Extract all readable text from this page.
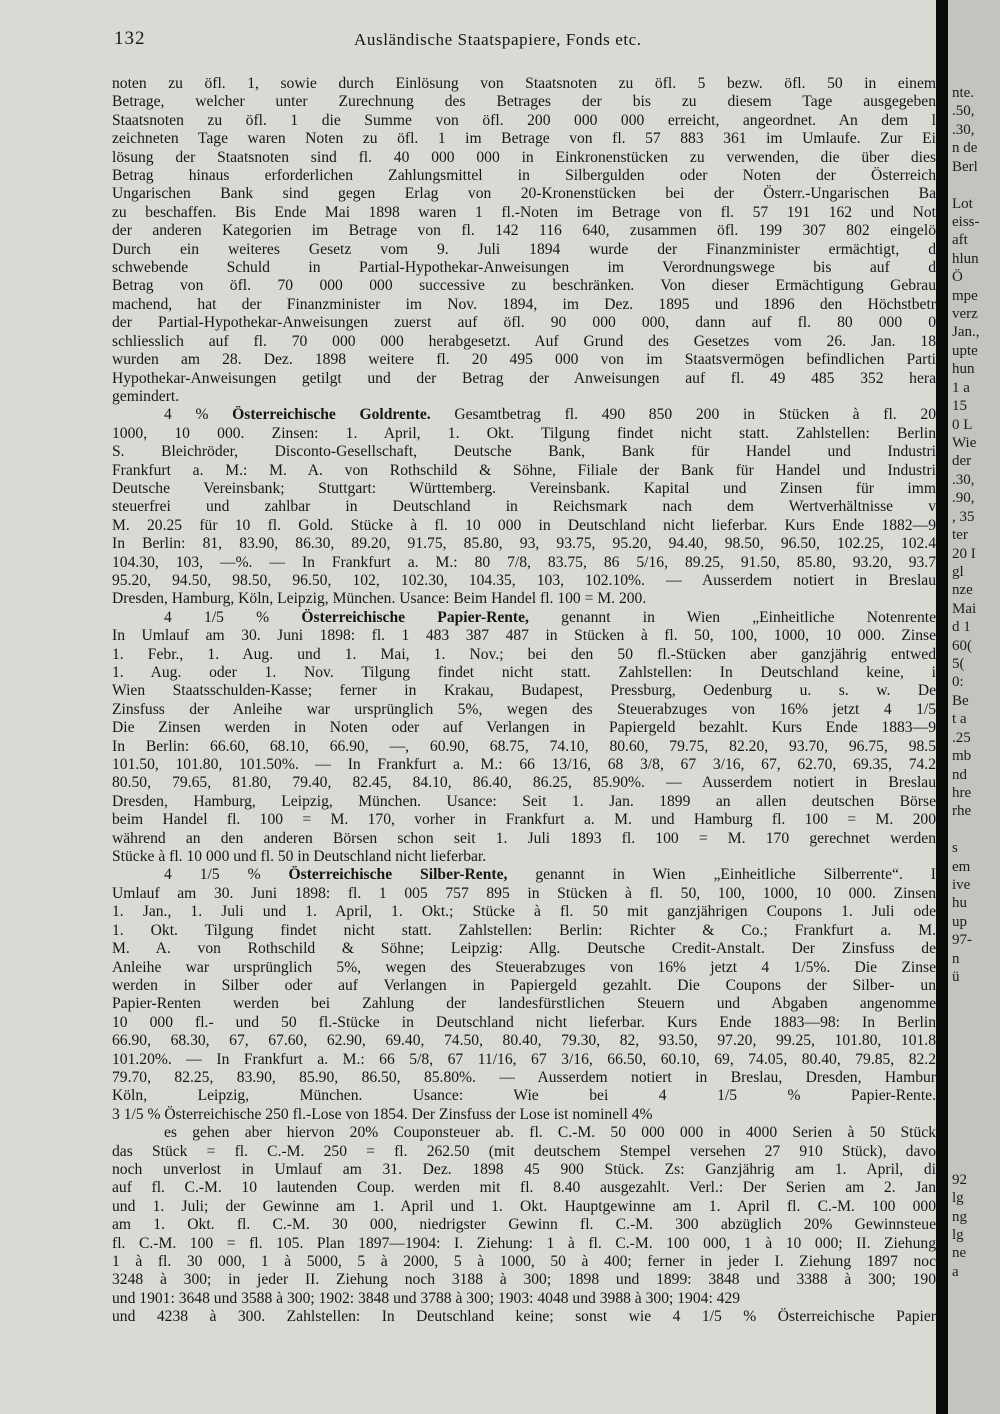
132	Ausländische Staatspapiere, Fonds etc.
noten zu öfl. 1, sowie durch Einlösung von Staatsnoten zu öfl. 5 bezw. öfl. 50 in einem
Betrage, welcher unter Zurechnung des Betrages der bis zu diesem Tage ausgegeben
Staatsnoten zu öfl. 1 die Summe von öfl. 200 000 000 erreicht, angeordnet. An dem l
zeichneten Tage waren Noten zu öfl. 1 im Betrage von fl. 57 883 361 im Umlaufe. Zur Ei
lösung der Staatsnoten sind fl. 40 000 000 in Einkronenstücken zu verwenden, die über dies
Betrag hinaus erforderlichen Zahlungsmittel in Silbergulden oder Noten der Österreich
Ungarischen Bank sind gegen Erlag von 20-Kronenstücken bei der Österr.-Ungarischen Ba
zu beschaffen. Bis Ende Mai 1898 waren 1 fl.-Noten im Betrage von fl. 57 191 162 und Not
der anderen Kategorien im Betrage von fl. 142 116 640, zusammen öfl. 199 307 802 eingelö
Durch ein weiteres Gesetz vom 9. Juli 1894 wurde der Finanzminister ermächtigt, d
schwebende Schuld in Partial-Hypothekar-Anweisungen im Verordnungswege bis auf d
Betrag von öfl. 70 000 000 successive zu beschränken. Von dieser Ermächtigung Gebrau
machend, hat der Finanzminister im Nov. 1894, im Dez. 1895 und 1896 den Höchstbetr
der Partial-Hypothekar-Anweisungen zuerst auf öfl. 90 000 000, dann auf fl. 80 000 0
schliesslich auf fl. 70 000 000 herabgesetzt. Auf Grund des Gesetzes vom 26. Jan. 18
wurden am 28. Dez. 1898 weitere fl. 20 495 000 von im Staatsvermögen befindlichen Parti
Hypothekar-Anweisungen getilgt und der Betrag der Anweisungen auf fl. 49 485 352 hera
gemindert.
4 % Österreichische Goldrente. Gesamtbetrag fl. 490 850 200 in Stücken à fl. 20
1000, 10 000. Zinsen: 1. April, 1. Okt. Tilgung findet nicht statt. Zahlstellen: Berlin
S. Bleichröder, Disconto-Gesellschaft, Deutsche Bank, Bank für Handel und Industri
Frankfurt a. M.: M. A. von Rothschild & Söhne, Filiale der Bank für Handel und Industri
Deutsche Vereinsbank; Stuttgart: Württemberg. Vereinsbank. Kapital und Zinsen für imm
steuerfrei und zahlbar in Deutschland in Reichsmark nach dem Wertverhältnisse v
M. 20.25 für 10 fl. Gold. Stücke à fl. 10 000 in Deutschland nicht lieferbar. Kurs Ende 1882—9
In Berlin: 81, 83.90, 86.30, 89.20, 91.75, 85.80, 93, 93.75, 95.20, 94.40, 98.50, 96.50, 102.25, 102.4
104.30, 103, —%. — In Frankfurt a. M.: 80 7/8, 83.75, 86 5/16, 89.25, 91.50, 85.80, 93.20, 93.7
95.20, 94.50, 98.50, 96.50, 102, 102.30, 104.35, 103, 102.10%. — Ausserdem notiert in Breslau
Dresden, Hamburg, Köln, Leipzig, München. Usance: Beim Handel fl. 100 = M. 200.
4 1/5 % Österreichische Papier-Rente, genannt in Wien „Einheitliche Notenrente
In Umlauf am 30. Juni 1898: fl. 1 483 387 487 in Stücken à fl. 50, 100, 1000, 10 000. Zinse
1. Febr., 1. Aug. und 1. Mai, 1. Nov.; bei den 50 fl.-Stücken aber ganzjährig entwed
1. Aug. oder 1. Nov. Tilgung findet nicht statt. Zahlstellen: In Deutschland keine, i
Wien Staatsschulden-Kasse; ferner in Krakau, Budapest, Pressburg, Oedenburg u. s. w. De
Zinsfuss der Anleihe war ursprünglich 5%, wegen des Steuerabzuges von 16% jetzt 4 1/5
Die Zinsen werden in Noten oder auf Verlangen in Papiergeld bezahlt. Kurs Ende 1883—9
In Berlin: 66.60, 68.10, 66.90, —, 60.90, 68.75, 74.10, 80.60, 79.75, 82.20, 93.70, 96.75, 98.5
101.50, 101.80, 101.50%. — In Frankfurt a. M.: 66 13/16, 68 3/8, 67 3/16, 67, 62.70, 69.35, 74.2
80.50, 79.65, 81.80, 79.40, 82.45, 84.10, 86.40, 86.25, 85.90%. — Ausserdem notiert in Breslau
Dresden, Hamburg, Leipzig, München. Usance: Seit 1. Jan. 1899 an allen deutschen Börse
beim Handel fl. 100 = M. 170, vorher in Frankfurt a. M. und Hamburg fl. 100 = M. 200
während an den anderen Börsen schon seit 1. Juli 1893 fl. 100 = M. 170 gerechnet werden
Stücke à fl. 10 000 und fl. 50 in Deutschland nicht lieferbar.
4 1/5 % Österreichische Silber-Rente, genannt in Wien „Einheitliche Silberrente“. I
Umlauf am 30. Juni 1898: fl. 1 005 757 895 in Stücken à fl. 50, 100, 1000, 10 000. Zinsen
1. Jan., 1. Juli und 1. April, 1. Okt.; Stücke à fl. 50 mit ganzjährigen Coupons 1. Juli ode
1. Okt. Tilgung findet nicht statt. Zahlstellen: Berlin: Richter & Co.; Frankfurt a. M.
M. A. von Rothschild & Söhne; Leipzig: Allg. Deutsche Credit-Anstalt. Der Zinsfuss de
Anleihe war ursprünglich 5%, wegen des Steuerabzuges von 16% jetzt 4 1/5%. Die Zinse
werden in Silber oder auf Verlangen in Papiergeld gezahlt. Die Coupons der Silber- un
Papier-Renten werden bei Zahlung der landesfürstlichen Steuern und Abgaben angenomme
10 000 fl.- und 50 fl.-Stücke in Deutschland nicht lieferbar. Kurs Ende 1883—98: In Berlin
66.90, 68.30, 67, 67.60, 62.90, 69.40, 74.50, 80.40, 79.30, 82, 93.50, 97.20, 99.25, 101.80, 101.8
101.20%. — In Frankfurt a. M.: 66 5/8, 67 11/16, 67 3/16, 66.50, 60.10, 69, 74.05, 80.40, 79.85, 82.2
79.70, 82.25, 83.90, 85.90, 86.50, 85.80%. — Ausserdem notiert in Breslau, Dresden, Hambur
Köln, Leipzig, München. Usance: Wie bei 4 1/5 % Papier-Rente.
3 1/5 % Österreichische 250 fl.-Lose von 1854. Der Zinsfuss der Lose ist nominell 4%
es gehen aber hiervon 20% Couponsteuer ab. fl. C.-M. 50 000 000 in 4000 Serien à 50 Stück
das Stück = fl. C.-M. 250 = fl. 262.50 (mit deutschem Stempel versehen 27 910 Stück), davo
noch unverlost in Umlauf am 31. Dez. 1898 45 900 Stück. Zs: Ganzjährig am 1. April, di
auf fl. C.-M. 10 lautenden Coup. werden mit fl. 8.40 ausgezahlt. Verl.: Der Serien am 2. Jan
und 1. Juli; der Gewinne am 1. April und 1. Okt. Hauptgewinne am 1. April fl. C.-M. 100 000
am 1. Okt. fl. C.-M. 30 000, niedrigster Gewinn fl. C.-M. 300 abzüglich 20% Gewinnsteue
fl. C.-M. 100 = fl. 105. Plan 1897—1904: I. Ziehung: 1 à fl. C.-M. 100 000, 1 à 10 000; II. Ziehung
1 à fl. 30 000, 1 à 5000, 5 à 2000, 5 à 1000, 50 à 400; ferner in jeder I. Ziehung 1897 noc
3248 à 300; in jeder II. Ziehung noch 3188 à 300; 1898 und 1899: 3848 und 3388 à 300; 190
und 1901: 3648 und 3588 à 300; 1902: 3848 und 3788 à 300; 1903: 4048 und 3988 à 300; 1904: 429
und 4238 à 300. Zahlstellen: In Deutschland keine; sonst wie 4 1/5 % Österreichische Papier
nte.
.50,
.30,
n de
Berl
Lot
eiss-
aft
hlun
Ö
mpe
verz
Jan.,
upte
hun
1 a
15
0 L
Wie
der
.30,
.90,
, 35
ter
20 I
gl
nze
Mai
d 1
60(
5(
0:
Be
t a
.25
mb
nd
hre
rhe
s
em
ive
hu
up
97-
n
ü
92
lg
ng
lg
ne
a
